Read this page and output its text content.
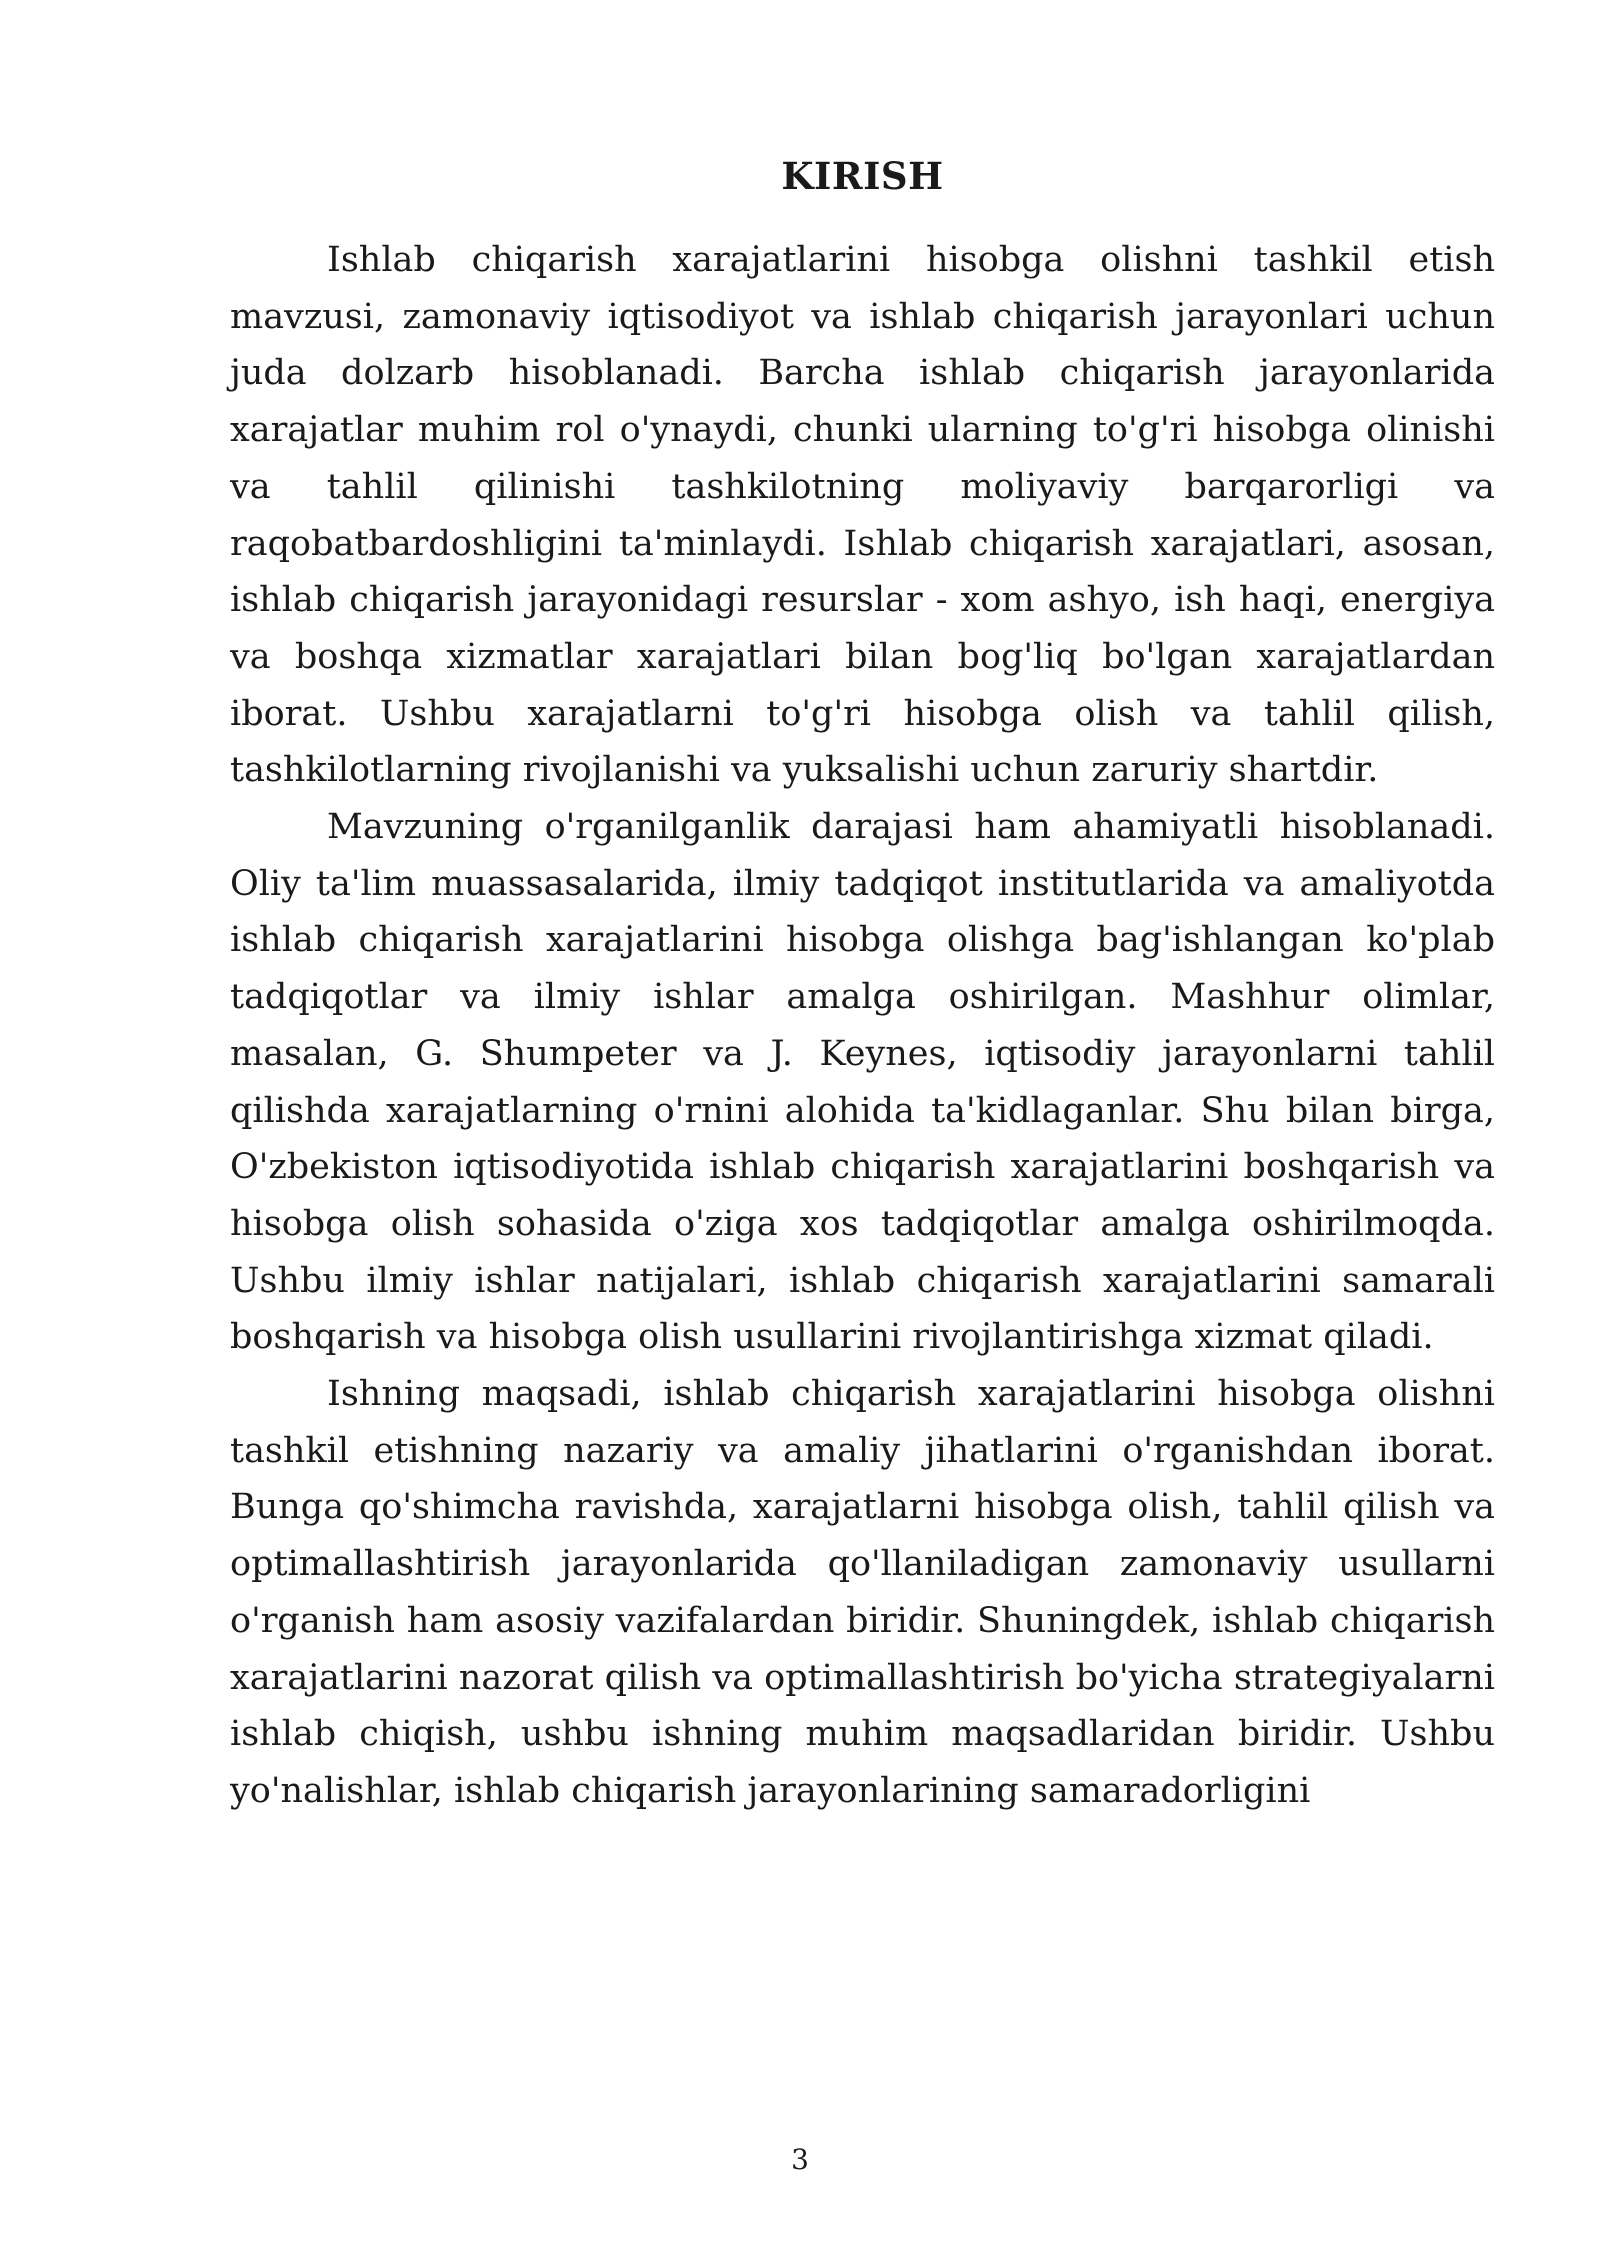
KIRISH

Ishlab chiqarish xarajatlarini hisobga olishni tashkil etish mavzusi, zamonaviy iqtisodiyot va ishlab chiqarish jarayonlari uchun juda dolzarb hisoblanadi. Barcha ishlab chiqarish jarayonlarida xarajatlar muhim rol o'ynaydi, chunki ularning to'g'ri hisobga olinishi va tahlil qilinishi tashkilotning moliyaviy barqarorligi va raqobatbardoshligini ta'minlaydi. Ishlab chiqarish xarajatlari, asosan, ishlab chiqarish jarayonidagi resurslar - xom ashyo, ish haqi, energiya va boshqa xizmatlar xarajatlari bilan bog'liq bo'lgan xarajatlardan iborat. Ushbu xarajatlarni to'g'ri hisobga olish va tahlil qilish, tashkilotlarning rivojlanishi va yuksalishi uchun zaruriy shartdir.

Mavzuning o'rganilganlik darajasi ham ahamiyatli hisoblanadi. Oliy ta'lim muassasalarida, ilmiy tadqiqot institutlarida va amaliyotda ishlab chiqarish xarajatlarini hisobga olishga bag'ishlangan ko'plab tadqiqotlar va ilmiy ishlar amalga oshirilgan. Mashhur olimlar, masalan, G. Shumpeter va J. Keynes, iqtisodiy jarayonlarni tahlil qilishda xarajatlarning o'rnini alohida ta'kidlaganlar. Shu bilan birga, O'zbekiston iqtisodiyotida ishlab chiqarish xarajatlarini boshqarish va hisobga olish sohasida o'ziga xos tadqiqotlar amalga oshirilmoqda. Ushbu ilmiy ishlar natijalari, ishlab chiqarish xarajatlarini samarali boshqarish va hisobga olish usullarini rivojlantirishga xizmat qiladi.

Ishning maqsadi, ishlab chiqarish xarajatlarini hisobga olishni tashkil etishning nazariy va amaliy jihatlarini o'rganishdan iborat. Bunga qo'shimcha ravishda, xarajatlarni hisobga olish, tahlil qilish va optimallashtirish jarayonlarida qo'llaniladigan zamonaviy usullarni o'rganish ham asosiy vazifalardan biridir. Shuningdek, ishlab chiqarish xarajatlarini nazorat qilish va optimallashtirish bo'yicha strategiyalarni ishlab chiqish, ushbu ishning muhim maqsadlaridan biridir. Ushbu yo'nalishlar, ishlab chiqarish jarayonlarining samaradorligini

3
